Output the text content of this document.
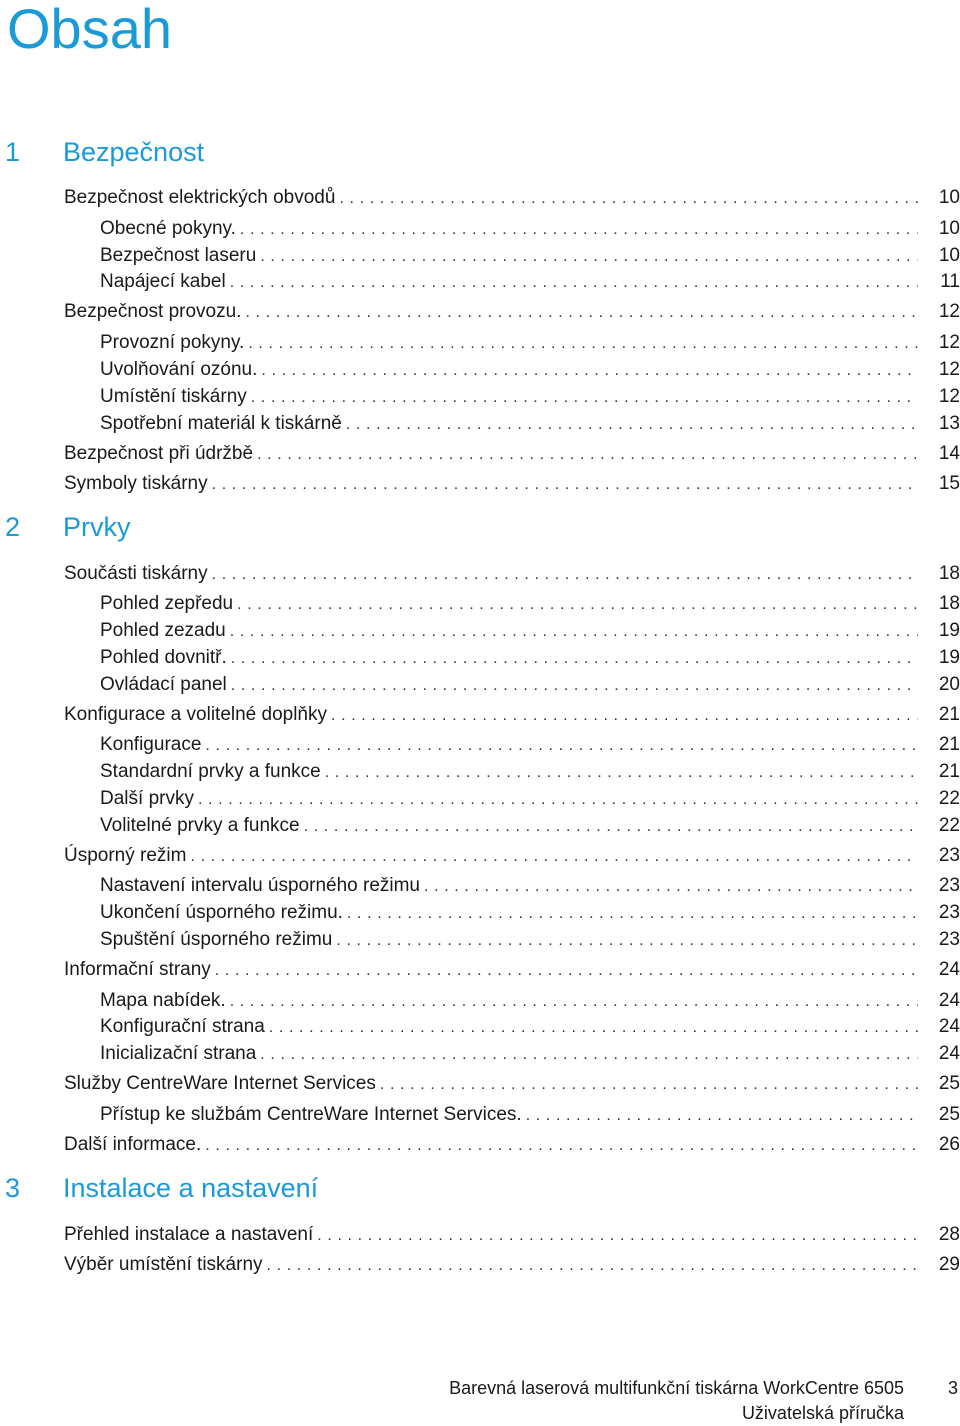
Obsah
1 Bezpečnost
Bezpečnost elektrických obvodů . . .	10
Obecné pokyny. . . .	10
Bezpečnost laseru . . .	10
Napájecí kabel . . .	11
Bezpečnost provozu. . . .	12
Provozní pokyny. . . .	12
Uvolňování ozónu. . . .	12
Umístění tiskárny . . .	12
Spotřební materiál k tiskárně . . .	13
Bezpečnost při údržbě . . .	14
Symboly tiskárny . . .	15
2 Prvky
Součásti tiskárny . . .	18
Pohled zepředu . . .	18
Pohled zezadu . . .	19
Pohled dovnitř. . . .	19
Ovládací panel . . .	20
Konfigurace a volitelné doplňky . . .	21
Konfigurace . . .	21
Standardní prvky a funkce . . .	21
Další prvky . . .	22
Volitelné prvky a funkce . . .	22
Úsporný režim . . .	23
Nastavení intervalu úsporného režimu . . .	23
Ukončení úsporného režimu. . . .	23
Spuštění úsporného režimu . . .	23
Informační strany . . .	24
Mapa nabídek. . . .	24
Konfigurační strana . . .	24
Inicializační strana . . .	24
Služby CentreWare Internet Services . . .	25
Přístup ke službám CentreWare Internet Services. . . .	25
Další informace. . . .	26
3 Instalace a nastavení
Přehled instalace a nastavení . . .	28
Výběr umístění tiskárny . . .	29
Barevná laserová multifunkční tiskárna WorkCentre 6505
Uživatelská příručka
3
